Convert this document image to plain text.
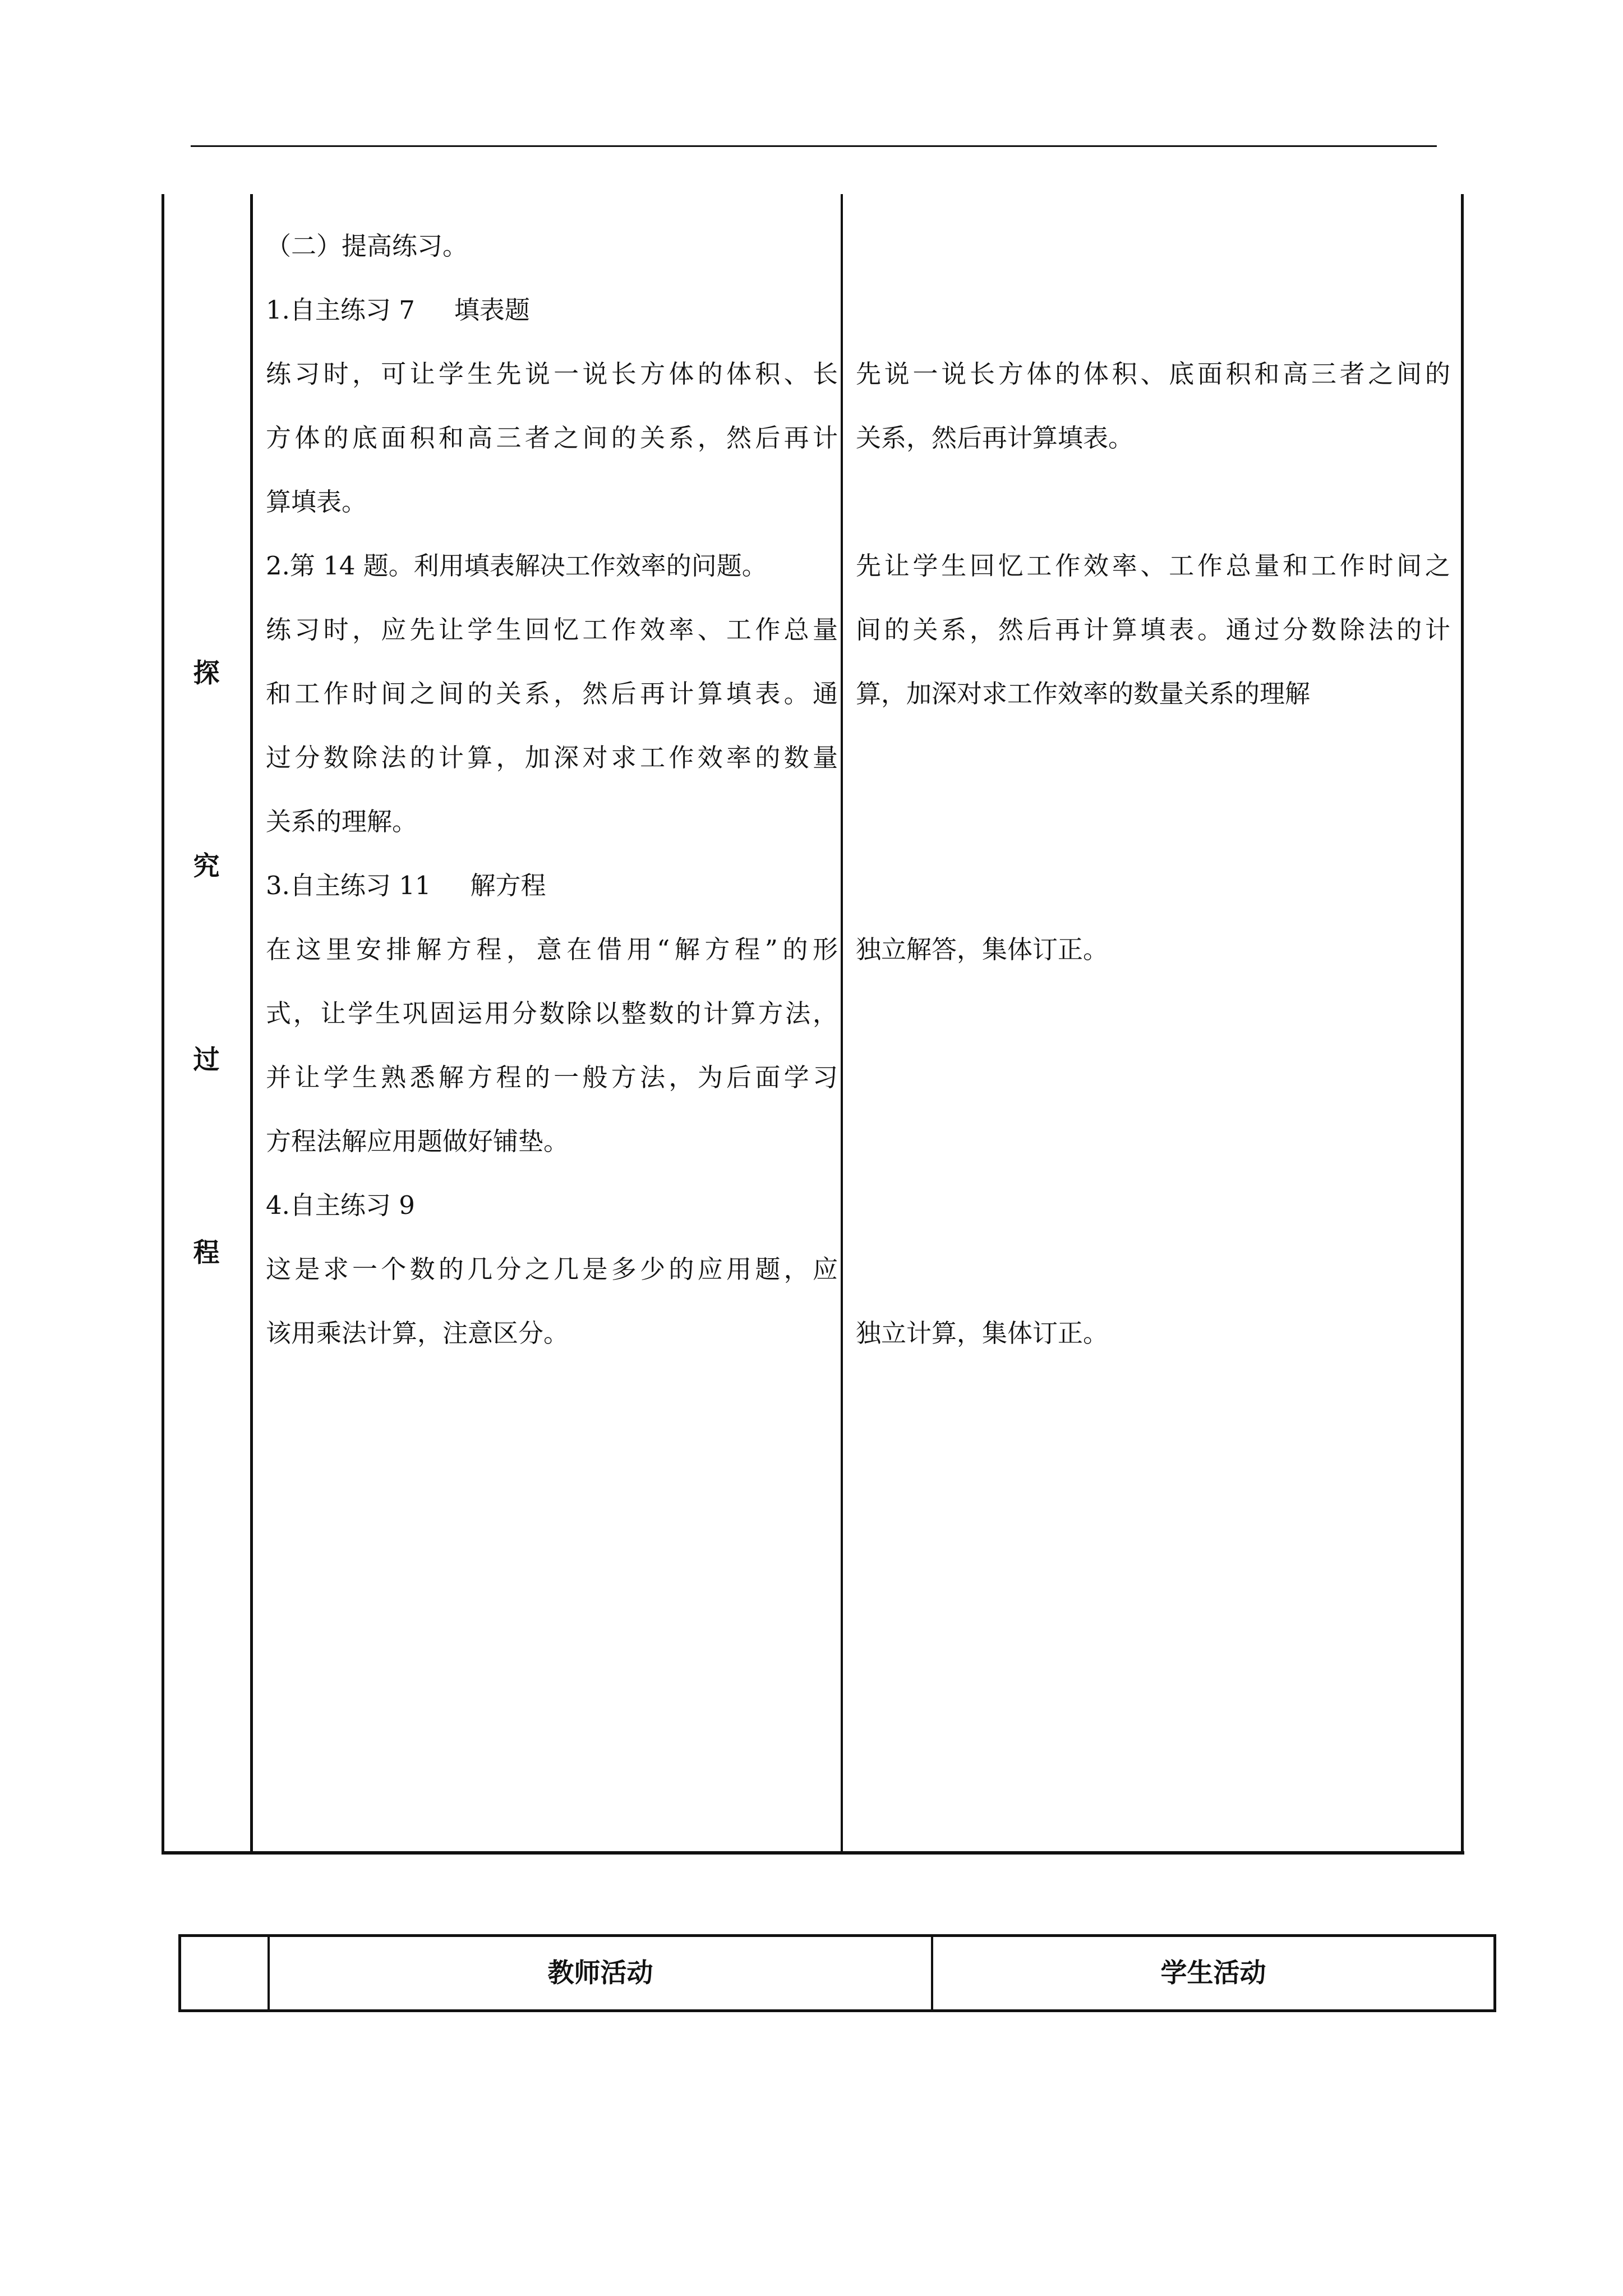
探
究
过
程
（二）提高练习。
1.自主练习 7 填表题
练习时，可让学生先说一说长方体的体积、长
方体的底面积和高三者之间的关系，然后再计
算填表。
2.第 14 题。利用填表解决工作效率的问题。
练习时，应先让学生回忆工作效率、工作总量
和工作时间之间的关系，然后再计算填表。通
过分数除法的计算，加深对求工作效率的数量
关系的理解。
3.自主练习 11 解方程
在这里安排解方程，意在借用“解方程”的形
式，让学生巩固运用分数除以整数的计算方法，
并让学生熟悉解方程的一般方法，为后面学习
方程法解应用题做好铺垫。
4.自主练习 9
这是求一个数的几分之几是多少的应用题，应
该用乘法计算，注意区分。
先说一说长方体的体积、底面积和高三者之间的
关系，然后再计算填表。
先让学生回忆工作效率、工作总量和工作时间之
间的关系，然后再计算填表。通过分数除法的计
算，加深对求工作效率的数量关系的理解
独立解答，集体订正。
独立计算，集体订正。
教师活动	学生活动
